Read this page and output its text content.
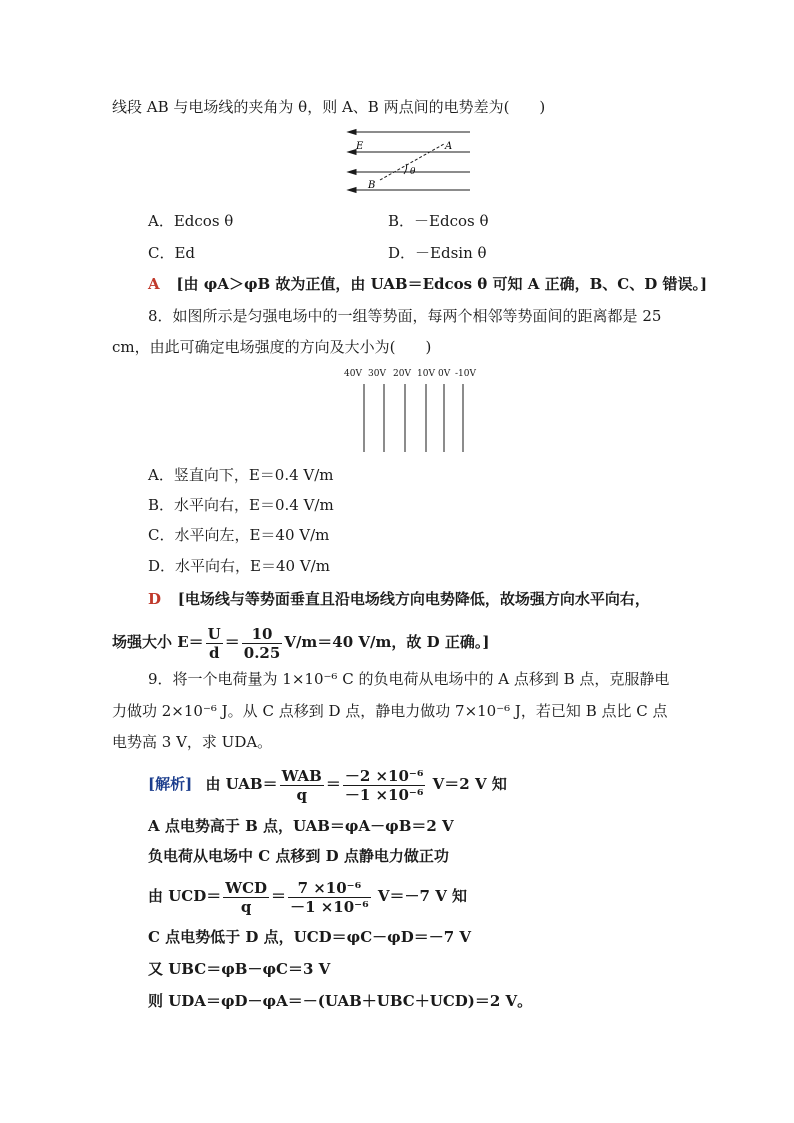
线段 AB 与电场线的夹角为 θ，则 A、B 两点间的电势差为(　　)
E	A
B
θ
A．Edcos θ	B．－Edcos θ
C．Ed	D．－Edsin θ
A [由 φA＞φB 故为正值，由 UAB＝Edcos θ 可知 A 正确，B、C、D 错误。]
8．如图所示是匀强电场中的一组等势面，每两个相邻等势面间的距离都是 25
cm，由此可确定电场强度的方向及大小为(　　)
40V 30V 20V 10V 0V -10V
A．竖直向下，E＝0.4 V/m
B．水平向右，E＝0.4 V/m
C．水平向左，E＝40 V/m
D．水平向右，E＝40 V/m
D [电场线与等势面垂直且沿电场线方向电势降低，故场强方向水平向右，
场强大小 $E= \frac{U}{d} = \frac{10}{0.25} V/m=40$ V/m，故 D 正确。]
9．将一个电荷量为 1×10⁻⁶ C 的负电荷从电场中的 A 点移到 B 点，克服静电
力做功 2×10⁻⁶ J。从 C 点移到 D 点，静电力做功 7×10⁻⁶ J，若已知 B 点比 C 点
电势高 3 V，求 UDA。
[解析] 由 $UAB= \frac{\text{WAB}}{q} = \frac{\text{－2 ×10⁻⁶}}{\text{－1 ×10⁻⁶}} V=2$ V 知
A 点电势高于 B 点，UAB＝φA－φB＝2 V
负电荷从电场中 C 点移到 D 点静电力做正功
由 $UCD= \frac{\text{WCD}}{q} = \frac{\text{7 ×10⁻⁶}}{\text{－1 ×10⁻⁶}} V=-7$ V 知
C 点电势低于 D 点，UCD＝φC－φD＝－7 V
又 UBC＝φB－φC＝3 V
则 UDA＝φD－φA＝－(UAB＋UBC＋UCD)＝2 V。
